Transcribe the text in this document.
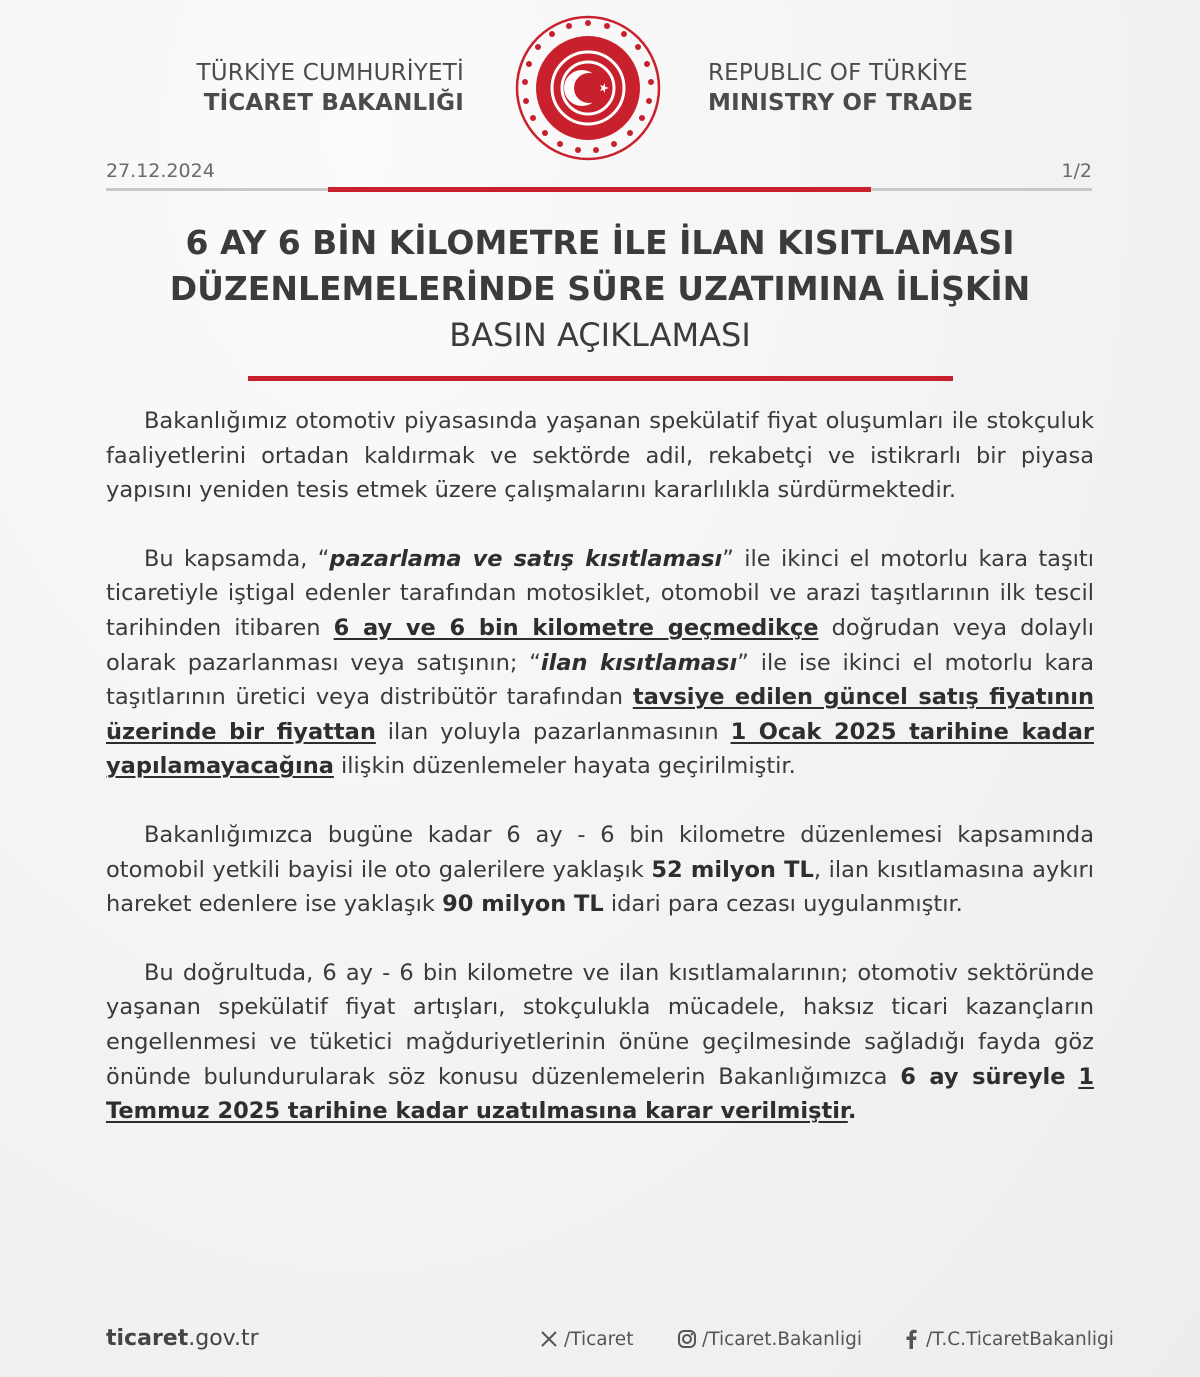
TÜRKİYE CUMHURİYETİ
TİCARET BAKANLIĞI
REPUBLIC OF TÜRKİYE
MINISTRY OF TRADE
27.12.2024	1/2
6 AY 6 BİN KİLOMETRE İLE İLAN KISITLAMASI
DÜZENLEMELERİNDE SÜRE UZATIMINA İLİŞKİN
BASIN AÇIKLAMASI

Bakanlığımız otomotiv piyasasında yaşanan spekülatif fiyat oluşumları ile stokçuluk faaliyetlerini ortadan kaldırmak ve sektörde adil, rekabetçi ve istikrarlı bir piyasa yapısını yeniden tesis etmek üzere çalışmalarını kararlılıkla sürdürmektedir.

Bu kapsamda, “pazarlama ve satış kısıtlaması” ile ikinci el motorlu kara taşıtı ticaretiyle iştigal edenler tarafından motosiklet, otomobil ve arazi taşıtlarının ilk tescil tarihinden itibaren 6 ay ve 6 bin kilometre geçmedikçe doğrudan veya dolaylı olarak pazarlanması veya satışının; “ilan kısıtlaması” ile ise ikinci el motorlu kara taşıtlarının üretici veya distribütör tarafından tavsiye edilen güncel satış fiyatının üzerinde bir fiyattan ilan yoluyla pazarlanmasının 1 Ocak 2025 tarihine kadar yapılamayacağına ilişkin düzenlemeler hayata geçirilmiştir.

Bakanlığımızca bugüne kadar 6 ay - 6 bin kilometre düzenlemesi kapsamında otomobil yetkili bayisi ile oto galerilere yaklaşık 52 milyon TL, ilan kısıtlamasına aykırı hareket edenlere ise yaklaşık 90 milyon TL idari para cezası uygulanmıştır.

Bu doğrultuda, 6 ay - 6 bin kilometre ve ilan kısıtlamalarının; otomotiv sektöründe yaşanan spekülatif fiyat artışları, stokçulukla mücadele, haksız ticari kazançların engellenmesi ve tüketici mağduriyetlerinin önüne geçilmesinde sağladığı fayda göz önünde bulundurularak söz konusu düzenlemelerin Bakanlığımızca 6 ay süreyle 1 Temmuz 2025 tarihine kadar uzatılmasına karar verilmiştir.

ticaret.gov.tr	/Ticaret	/Ticaret.Bakanligi	/T.C.TicaretBakanligi
